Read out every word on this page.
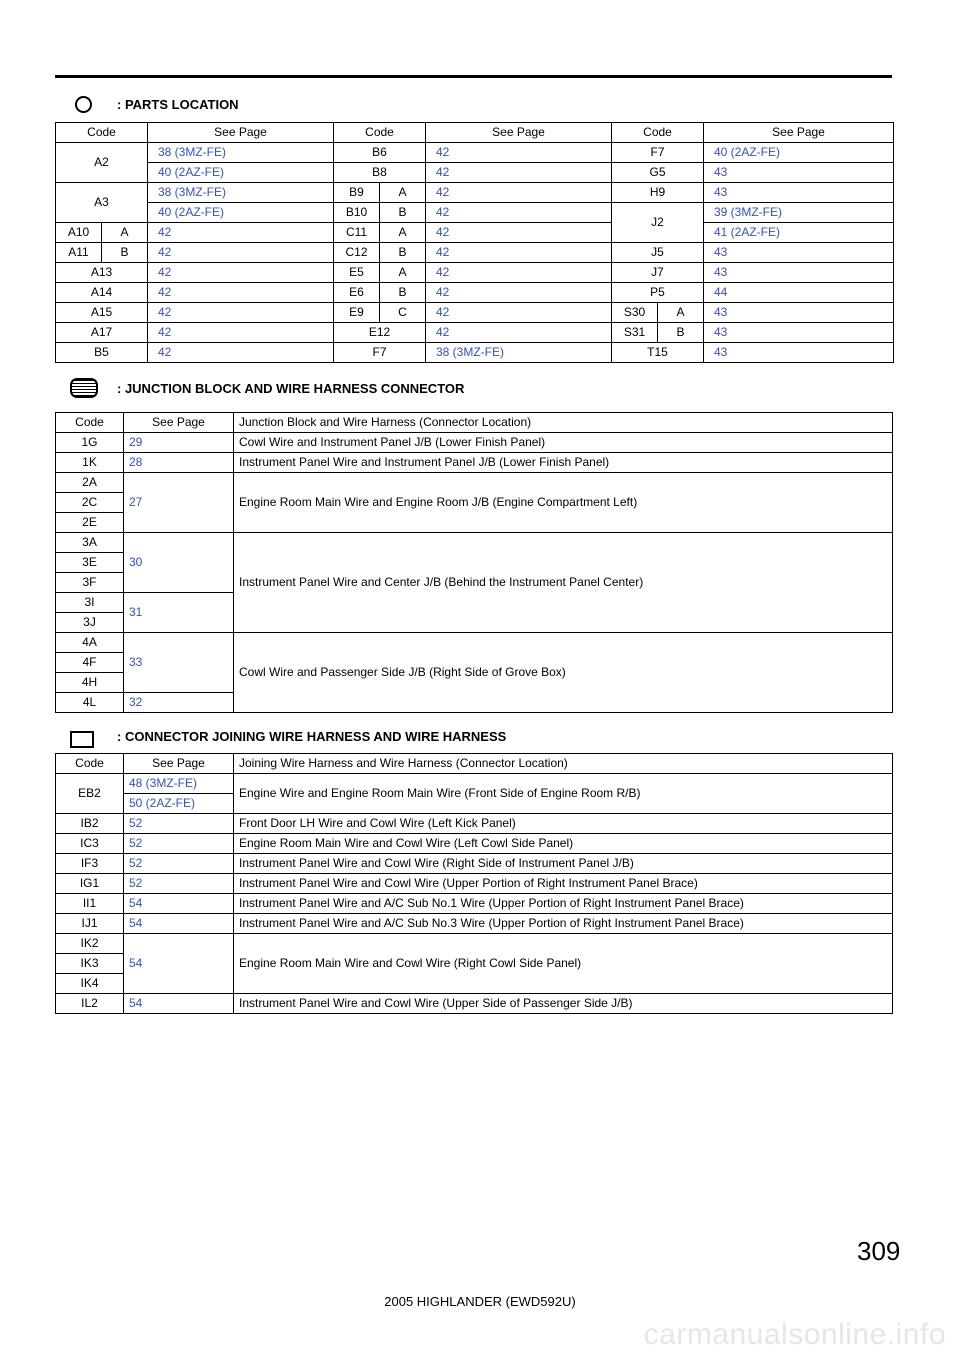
: PARTS LOCATION
Code		See Page	Code		See Page	Code		See Page
A2		38 (3MZ-FE)	B6		42	F7		40 (2AZ-FE)
		40 (2AZ-FE)	B8		42	G5		43
A3		38 (3MZ-FE)	B9	A	42	H9		43
		40 (2AZ-FE)	B10	B	42	J2		39 (3MZ-FE)
A10	A	42	C11	A	42			41 (2AZ-FE)
A11	B	42	C12	B	42	J5		43
A13		42	E5	A	42	J7		43
A14		42	E6	B	42	P5		44
A15		42	E9	C	42	S30	A	43
A17		42	E12		42	S31	B	43
B5		42	F7		38 (3MZ-FE)	T15		43
: JUNCTION BLOCK AND WIRE HARNESS CONNECTOR
Code	See Page	Junction Block and Wire Harness (Connector Location)
1G	29	Cowl Wire and Instrument Panel J/B (Lower Finish Panel)
1K	28	Instrument Panel Wire and Instrument Panel J/B (Lower Finish Panel)
2A	27	Engine Room Main Wire and Engine Room J/B (Engine Compartment Left)
2C		
2E		
3A	30	Instrument Panel Wire and Center J/B (Behind the Instrument Panel Center)
3E		
3F		
3I	31	
3J		
4A	33	Cowl Wire and Passenger Side J/B (Right Side of Grove Box)
4F		
4H		
4L	32	
: CONNECTOR JOINING WIRE HARNESS AND WIRE HARNESS
Code	See Page	Joining Wire Harness and Wire Harness (Connector Location)
EB2	48 (3MZ-FE)	Engine Wire and Engine Room Main Wire (Front Side of Engine Room R/B)
	50 (2AZ-FE)	
IB2	52	Front Door LH Wire and Cowl Wire (Left Kick Panel)
IC3	52	Engine Room Main Wire and Cowl Wire (Left Cowl Side Panel)
IF3	52	Instrument Panel Wire and Cowl Wire (Right Side of Instrument Panel J/B)
IG1	52	Instrument Panel Wire and Cowl Wire (Upper Portion of Right Instrument Panel Brace)
II1	54	Instrument Panel Wire and A/C Sub No.1 Wire (Upper Portion of Right Instrument Panel Brace)
IJ1	54	Instrument Panel Wire and A/C Sub No.3 Wire (Upper Portion of Right Instrument Panel Brace)
IK2	54	Engine Room Main Wire and Cowl Wire (Right Cowl Side Panel)
IK3		
IK4		
IL2	54	Instrument Panel Wire and Cowl Wire (Upper Side of Passenger Side J/B)
309
2005 HIGHLANDER (EWD592U)
carmanualsonline.info
